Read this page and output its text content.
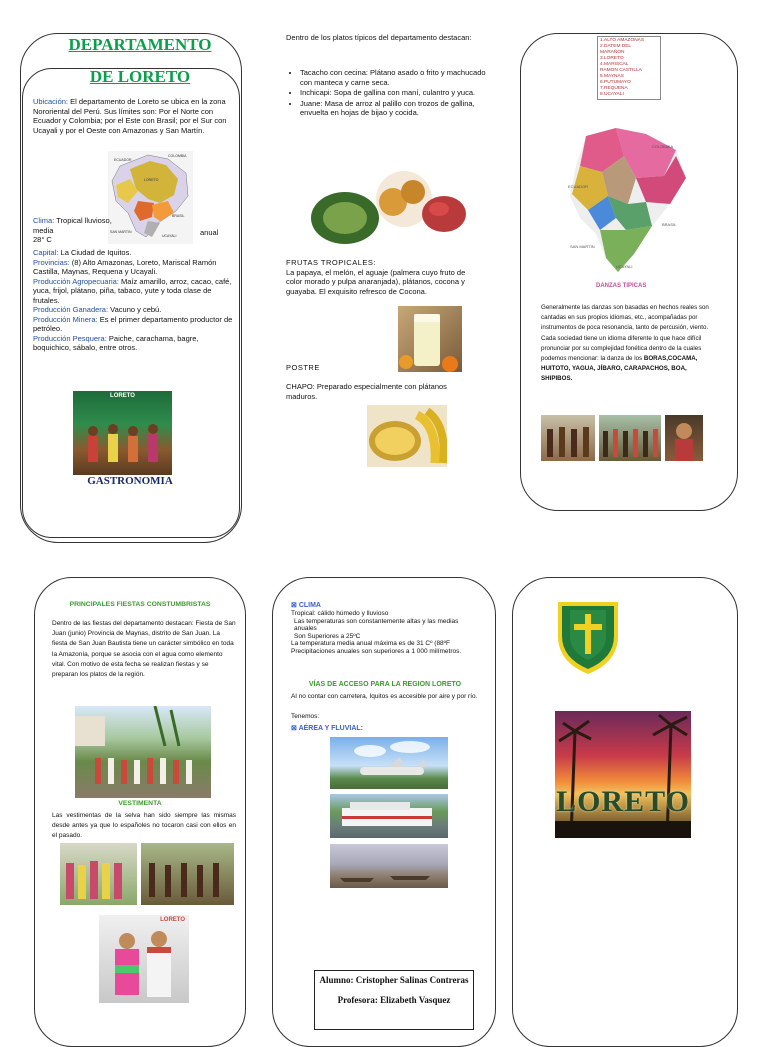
DEPARTAMENTO
DE LORETO
Ubicación: El departamento de Loreto se ubica en la zona Nororiental del Perú. Sus límites son: Por el Norte con Ecuador y Colombia; por el Este con Brasil; por el Sur con Ucayali y por el Oeste con Amazonas y San Martín.
ECUADOR
COLOMBIA
LORETO
BRASIL
SAN MARTIN
UCAYALI
Clima: Tropical lluvioso, media
28° C
anual
Capital: La Ciudad de Iquitos.
Provincias: (8) Alto Amazonas, Loreto, Mariscal Ramón Castilla, Maynas, Requena y Ucayali.
Producción Agropecuaria: Maíz amarillo, arroz, cacao, café, yuca, frijol, plátano, piña, tabaco, yute y toda clase de frutales.
Producción Ganadera: Vacuno y cebú.
Producción Minera: Es el primer departamento productor de petróleo.
Producción Pesquera: Paiche, carachama, bagre, boquichico, sábalo, entre otros.
LORETO
GASTRONOMIA
Dentro de los platos típicos del departamento destacan:
• Tacacho con cecina: Plátano asado o frito y machucado con manteca y carne seca.
• Inchicapi: Sopa de gallina con maní, culantro y yuca.
• Juane: Masa de arroz al palillo con trozos de gallina, envuelta en hojas de bijao y cocida.
FRUTAS TROPICALES:
La papaya, el melón, el aguaje (palmera cuyo fruto de color morado y pulpa anaranjada), plátanos, cocona y guayaba. El exquisito refresco de Cocona.
POSTRE
CHAPO: Preparado especialmente con plátanos maduros.
1.ALTO AMAZONAS
2.DATEM DEL
MARAÑON
3.LORETO
4.MARISCAL
RAMON CASTILLA
5.MAYNAS
6.PUTUMAYO
7.REQUENA
8.UCAYALI
COLOMBIA
ECUADOR
BRASIL
SAN MARTIN
UCAYALI
DANZAS TIPICAS
Generalmente las danzas son basadas en hechos reales son cantadas en sus propios idiomas, etc., acompañadas por instrumentos de poca resonancia, tanto de percusión, viento. Cada sociedad tiene un idioma diferente lo que hace difícil pronunciar por su complejidad fonética dentro de la cuales podemos mencionar: la danza de los BORAS,COCAMA, HUITOTO, YAGUA, JÍBARO, CARAPACHOS, BOA, SHIPIBOS.
PRINCIPALES FIESTAS CONSTUMBRISTAS
Dentro de las fiestas del departamento destacan: Fiesta de San Juan (junio) Provincia de Maynas, distrito de San Juan. La fiesta de San Juan Bautista tiene un carácter simbólico en toda la Amazonía, porque se asocia con el agua como elemento vital. Con motivo de esta fecha se realizan fiestas y se preparan los platos de la región.
VESTIMENTA
Las vestimentas de la selva han sido siempre las mismas desde antes ya que lo españoles no tocaron casi con ellos en el pasado.
LORETO
⊠ CLIMA
Tropical: cálido húmedo y lluvioso
Las temperaturas son constantemente altas y las medias anuales
Son Superiores a 25ºC
La temperatura media anual máxima es de 31 Cº (88ºF
Precipitaciones anuales son superiores a 1 000 milímetros.
VÍAS DE ACCESO PARA LA REGION LORETO
Al no contar con carretera, Iquitos es accesible por aire y por río.
Tenemos:
⊠ AÉREA Y FLUVIAL:
Alumno: Cristopher Salinas Contreras
Profesora: Elizabeth Vasquez
LORETO
